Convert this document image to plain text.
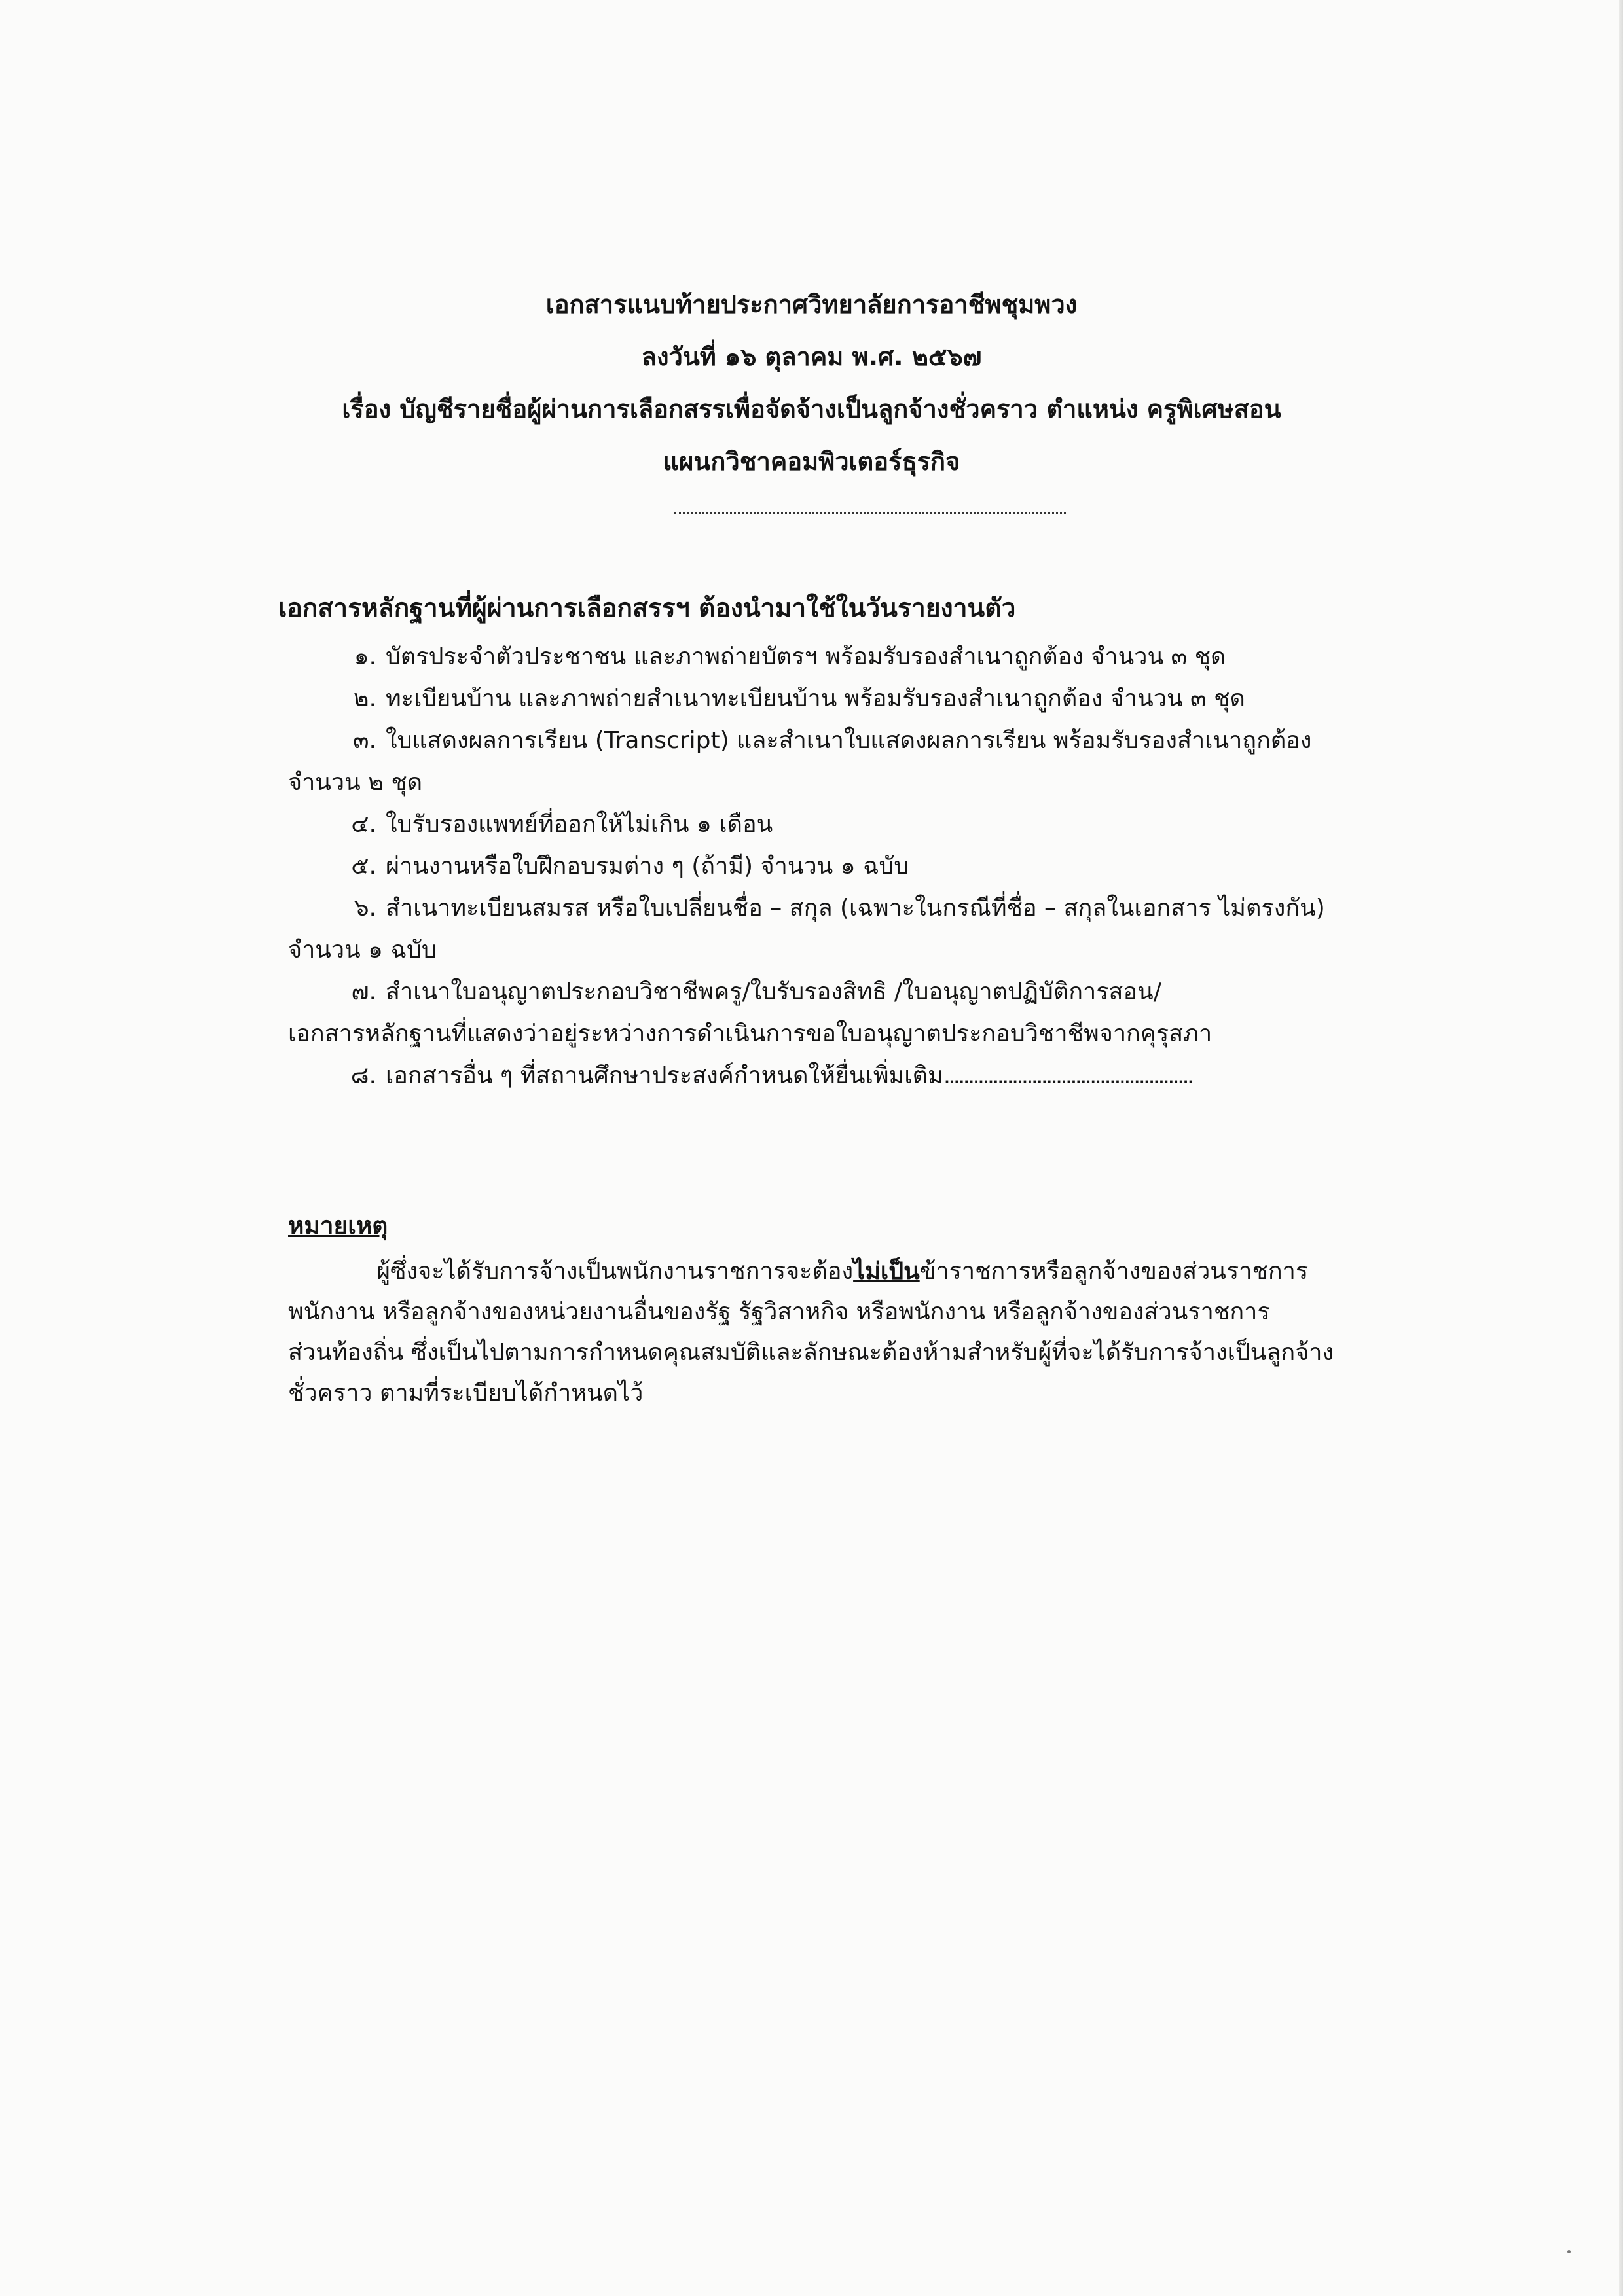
เอกสารแนบท้ายประกาศวิทยาลัยการอาชีพชุมพวง
ลงวันที่ ๑๖ ตุลาคม พ.ศ. ๒๕๖๗
เรื่อง บัญชีรายชื่อผู้ผ่านการเลือกสรรเพื่อจัดจ้างเป็นลูกจ้างชั่วคราว ตำแหน่ง ครูพิเศษสอน
แผนกวิชาคอมพิวเตอร์ธุรกิจ
เอกสารหลักฐานที่ผู้ผ่านการเลือกสรรฯ ต้องนำมาใช้ในวันรายงานตัว
๑. บัตรประจำตัวประชาชน และภาพถ่ายบัตรฯ พร้อมรับรองสำเนาถูกต้อง จำนวน ๓ ชุด
๒. ทะเบียนบ้าน และภาพถ่ายสำเนาทะเบียนบ้าน พร้อมรับรองสำเนาถูกต้อง จำนวน ๓ ชุด
๓. ใบแสดงผลการเรียน (Transcript) และสำเนาใบแสดงผลการเรียน พร้อมรับรองสำเนาถูกต้อง
จำนวน ๒ ชุด
๔. ใบรับรองแพทย์ที่ออกให้ไม่เกิน ๑ เดือน
๕. ผ่านงานหรือใบฝึกอบรมต่าง ๆ (ถ้ามี) จำนวน ๑ ฉบับ
๖. สำเนาทะเบียนสมรส หรือใบเปลี่ยนชื่อ – สกุล (เฉพาะในกรณีที่ชื่อ – สกุลในเอกสาร ไม่ตรงกัน)
จำนวน ๑ ฉบับ
๗. สำเนาใบอนุญาตประกอบวิชาชีพครู/ใบรับรองสิทธิ /ใบอนุญาตปฏิบัติการสอน/
เอกสารหลักฐานที่แสดงว่าอยู่ระหว่างการดำเนินการขอใบอนุญาตประกอบวิชาชีพจากคุรุสภา
๘. เอกสารอื่น ๆ ที่สถานศึกษาประสงค์กำหนดให้ยื่นเพิ่มเติม...................................................
หมายเหตุ
ผู้ซึ่งจะได้รับการจ้างเป็นพนักงานราชการจะต้องไม่เป็นข้าราชการหรือลูกจ้างของส่วนราชการ
พนักงาน หรือลูกจ้างของหน่วยงานอื่นของรัฐ รัฐวิสาหกิจ หรือพนักงาน หรือลูกจ้างของส่วนราชการ
ส่วนท้องถิ่น ซึ่งเป็นไปตามการกำหนดคุณสมบัติและลักษณะต้องห้ามสำหรับผู้ที่จะได้รับการจ้างเป็นลูกจ้าง
ชั่วคราว ตามที่ระเบียบได้กำหนดไว้
